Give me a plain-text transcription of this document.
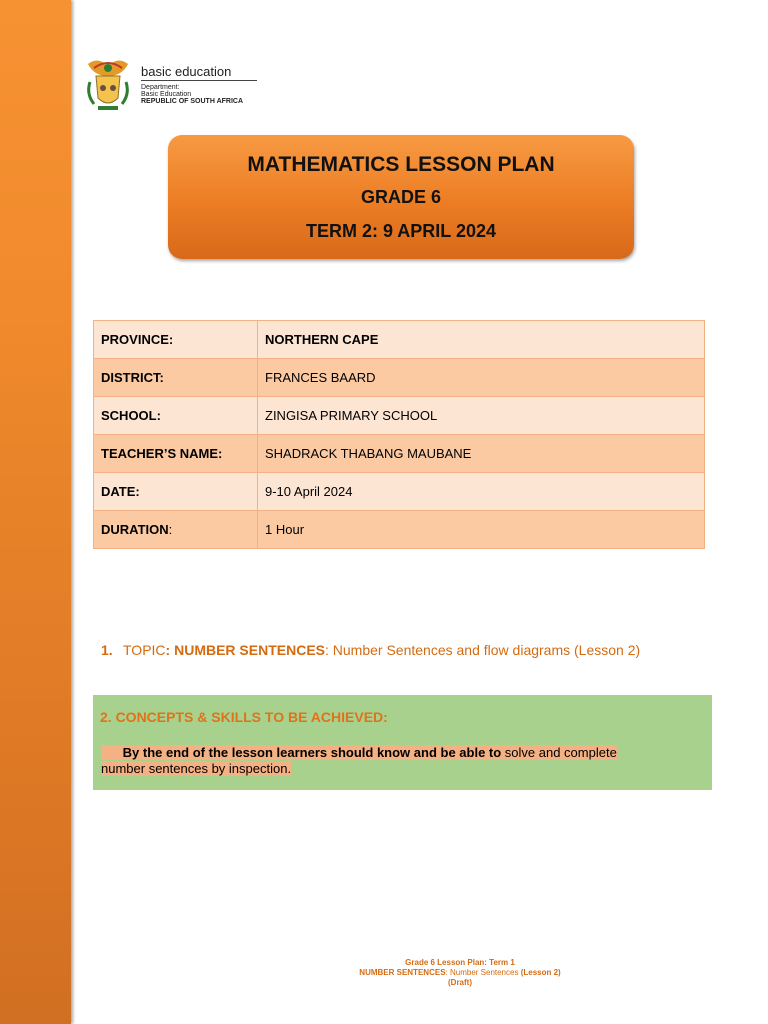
basic education
Department:
Basic Education
REPUBLIC OF SOUTH AFRICA
MATHEMATICS LESSON PLAN
GRADE 6
TERM 2: 9 APRIL 2024
PROVINCE:	NORTHERN CAPE
DISTRICT:	FRANCES BAARD
SCHOOL:	ZINGISA PRIMARY SCHOOL
TEACHER’S NAME:	SHADRACK THABANG MAUBANE
DATE:	9-10 April 2024
DURATION:	1 Hour
1. TOPIC: NUMBER SENTENCES: Number Sentences and flow diagrams (Lesson 2)
2. CONCEPTS & SKILLS TO BE ACHIEVED:
By the end of the lesson learners should know and be able to solve and complete number sentences by inspection.
Grade 6 Lesson Plan: Term 1
NUMBER SENTENCES: Number Sentences (Lesson 2)
(Draft)
